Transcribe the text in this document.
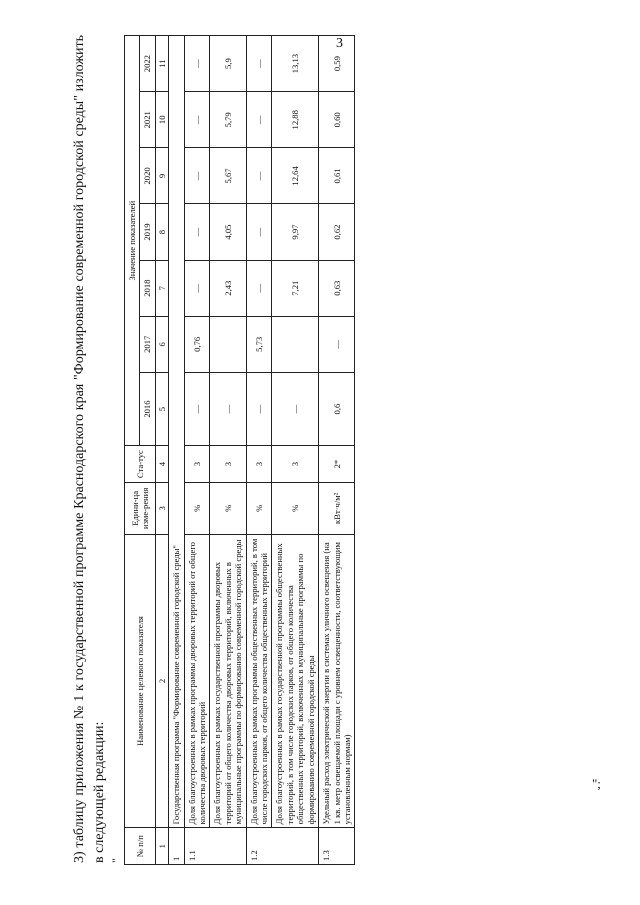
3
3) таблицу приложения № 1 к государственной программе Краснодарского края "Формирование современной городской среды" изложить в следующей редакции: "
№ п/п	Наименование целевого показателя	Едини-ца изме-рения	Ста-тус	Значение показателей						
				2016	2017	2018	2019	2020	2021	2022
1	2	3	4	5	6	7	8	9	10	11
1	Государственная программа "Формирование современной городской среды"									
1.1	Доля благоустроенных в рамках программы дворовых территорий от общего количества дворовых территорий	%	3	—	0,76	—	—	—	—	—
	Доля благоустроенных в рамках государственной программы дворовых территорий от общего количества дворовых территорий, включенных в муниципальные программы по формированию современной городской среды	%	3	—		2,43	4,05	5,67	5,79	5,9
1.2	Доля благоустроенных в рамках программы общественных территорий, в том числе городских парков, от общего количества общественных территорий	%	3	—	5,73	—	—	—	—	—
	Доля благоустроенных в рамках государственной программы общественных территорий, в том числе городских парков, от общего количества общественных территорий, включенных в муниципальные программы по формированию современной городской среды	%	3	—		7,21	9,97	12,64	12,88	13,13
1.3	Удельный расход электрической энергии в системах уличного освещения (на 1 кв. метр освещаемой площади с уровнем освещенности, соответствующим установленным нормам)	кВт·ч/м²	2*	0,6	—	0,63	0,62	0,61	0,60	0,59
";
